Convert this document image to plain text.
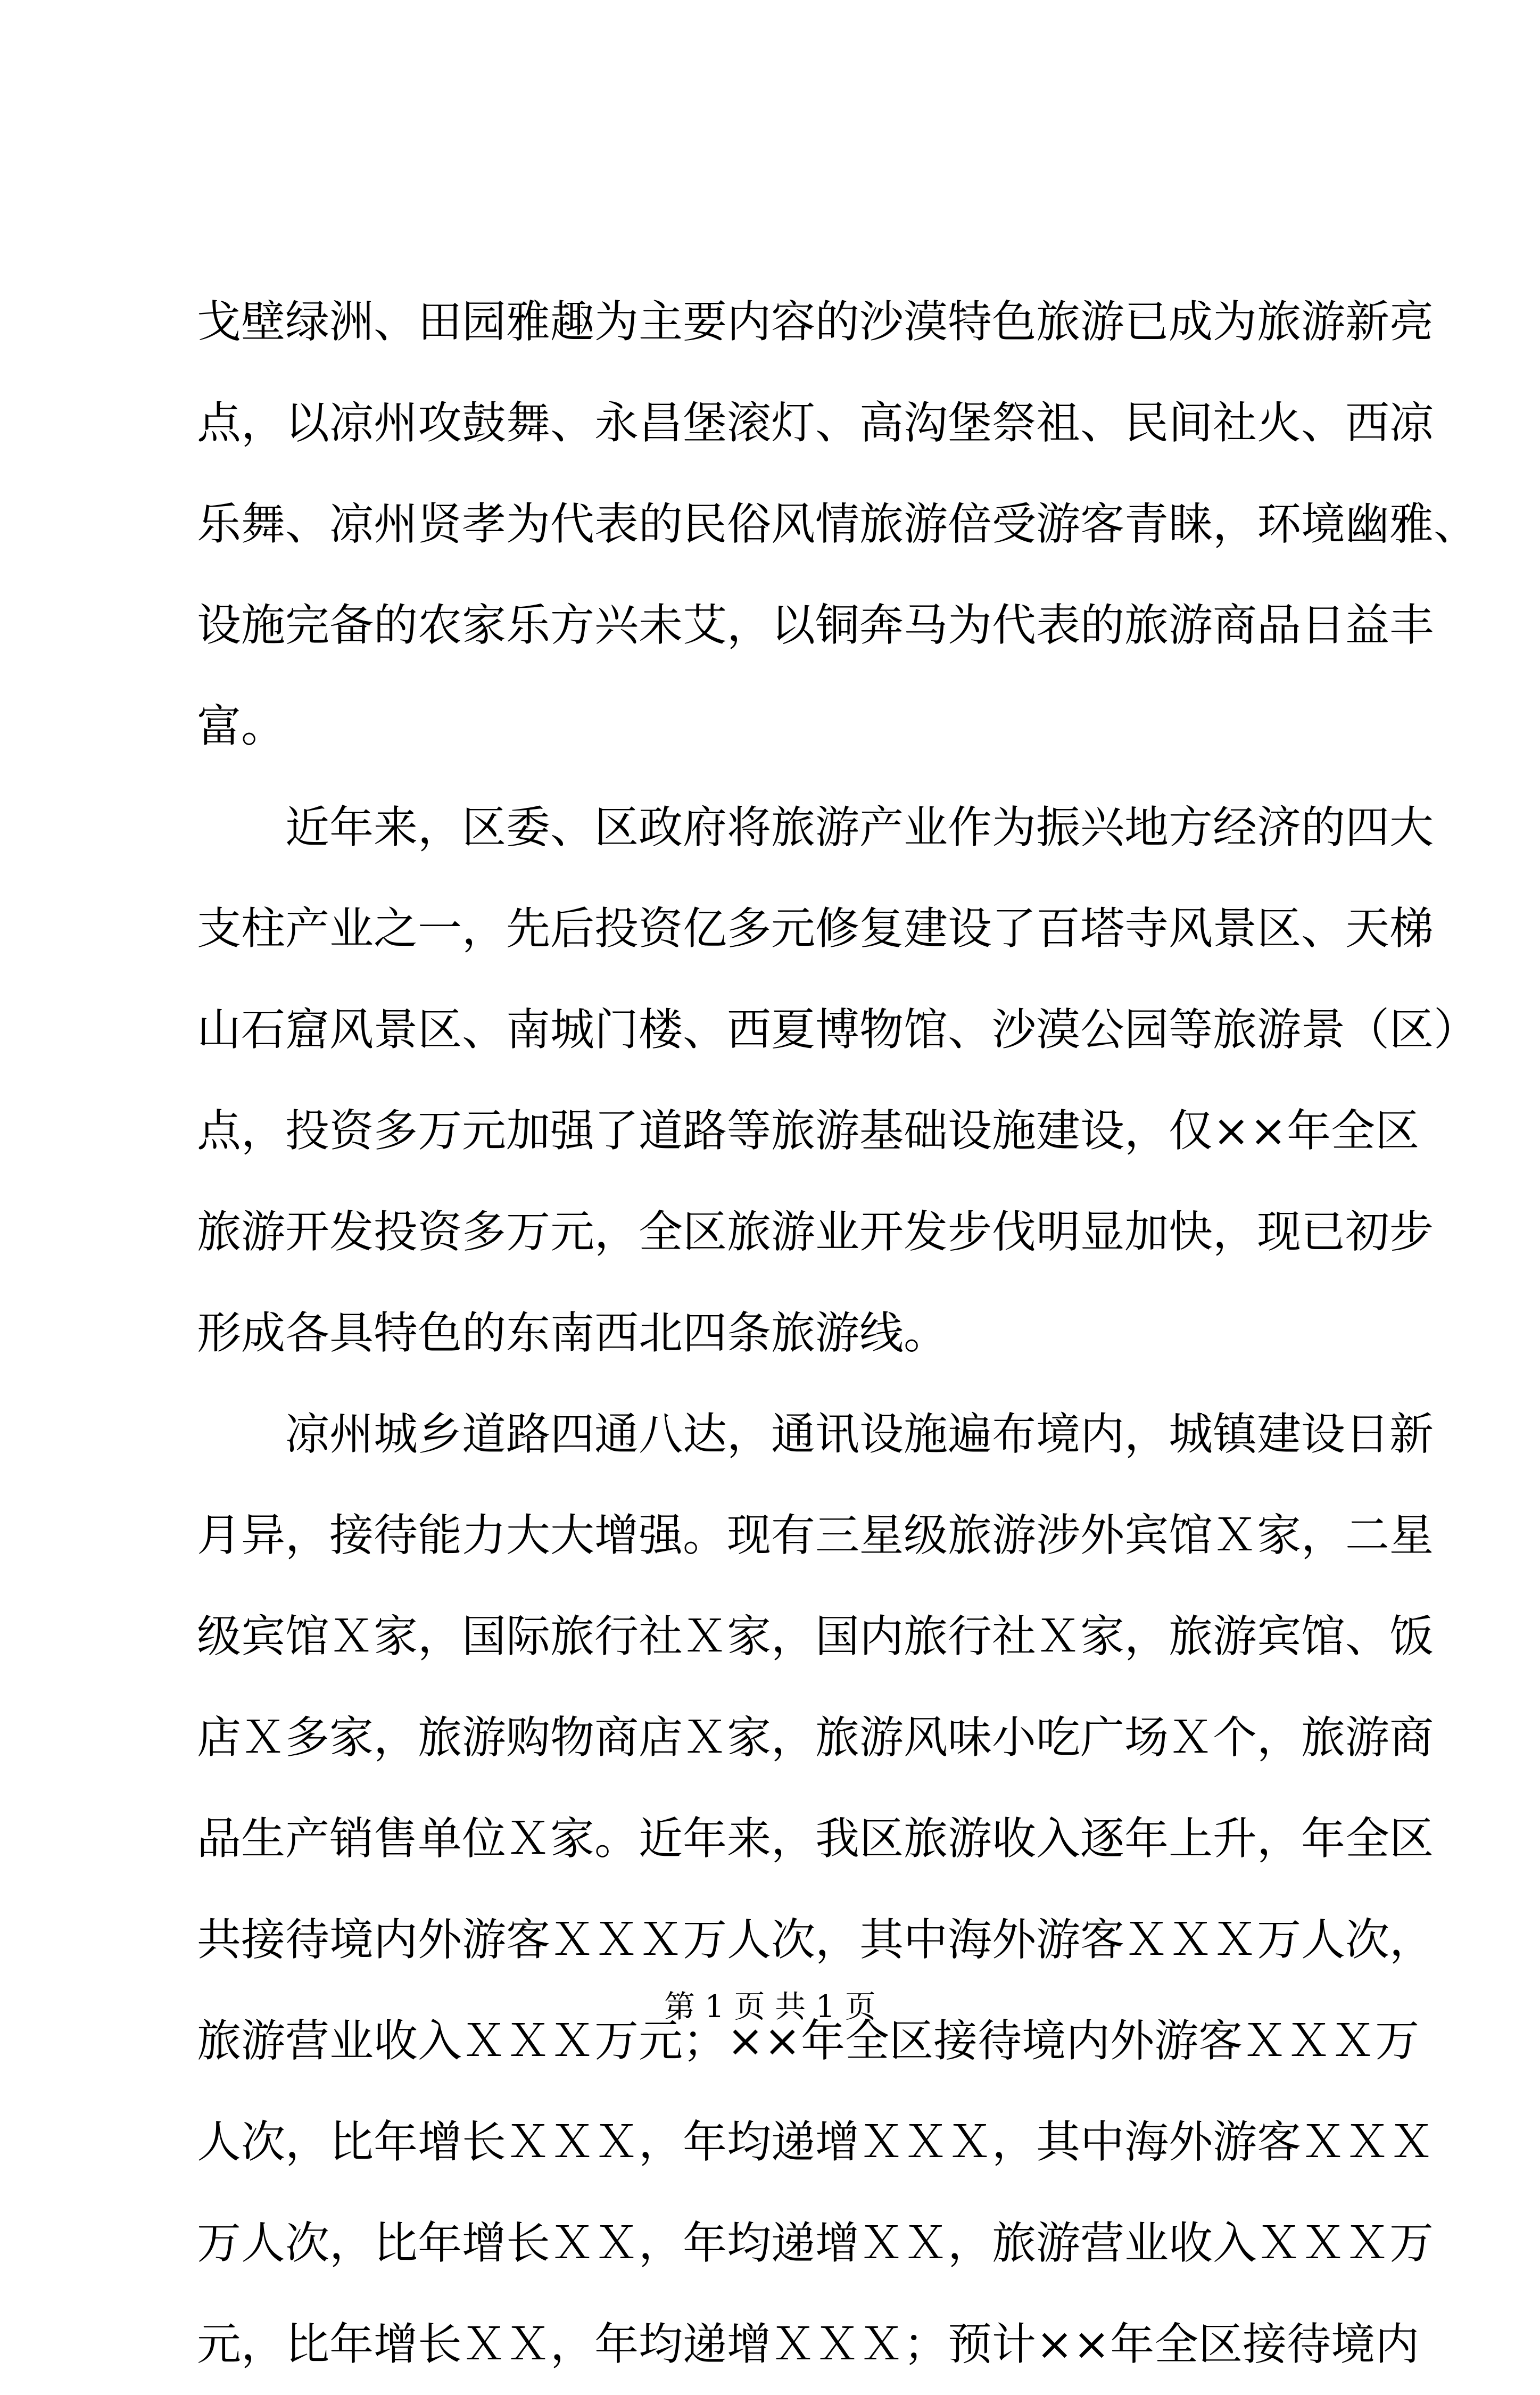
戈壁绿洲、田园雅趣为主要内容的沙漠特色旅游已成为旅游新亮
点，以凉州攻鼓舞、永昌堡滚灯、高沟堡祭祖、民间社火、西凉
乐舞、凉州贤孝为代表的民俗风情旅游倍受游客青睐，环境幽雅、
设施完备的农家乐方兴未艾，以铜奔马为代表的旅游商品日益丰
富。
　　近年来，区委、区政府将旅游产业作为振兴地方经济的四大
支柱产业之一，先后投资亿多元修复建设了百塔寺风景区、天梯
山石窟风景区、南城门楼、西夏博物馆、沙漠公园等旅游景（区）
点，投资多万元加强了道路等旅游基础设施建设，仅××年全区
旅游开发投资多万元，全区旅游业开发步伐明显加快，现已初步
形成各具特色的东南西北四条旅游线。
　　凉州城乡道路四通八达，通讯设施遍布境内，城镇建设日新
月异，接待能力大大增强。现有三星级旅游涉外宾馆Ｘ家，二星
级宾馆Ｘ家，国际旅行社Ｘ家，国内旅行社Ｘ家，旅游宾馆、饭
店Ｘ多家，旅游购物商店Ｘ家，旅游风味小吃广场Ｘ个，旅游商
品生产销售单位Ｘ家。近年来，我区旅游收入逐年上升，年全区
共接待境内外游客ＸＸＸ万人次，其中海外游客ＸＸＸ万人次，
旅游营业收入ＸＸＸ万元；××年全区接待境内外游客ＸＸＸ万
人次，比年增长ＸＸＸ，年均递增ＸＸＸ，其中海外游客ＸＸＸ
万人次，比年增长ＸＸ，年均递增ＸＸ，旅游营业收入ＸＸＸ万
元，比年增长ＸＸ，年均递增ＸＸＸ；预计××年全区接待境内
第 1 页 共 1 页
